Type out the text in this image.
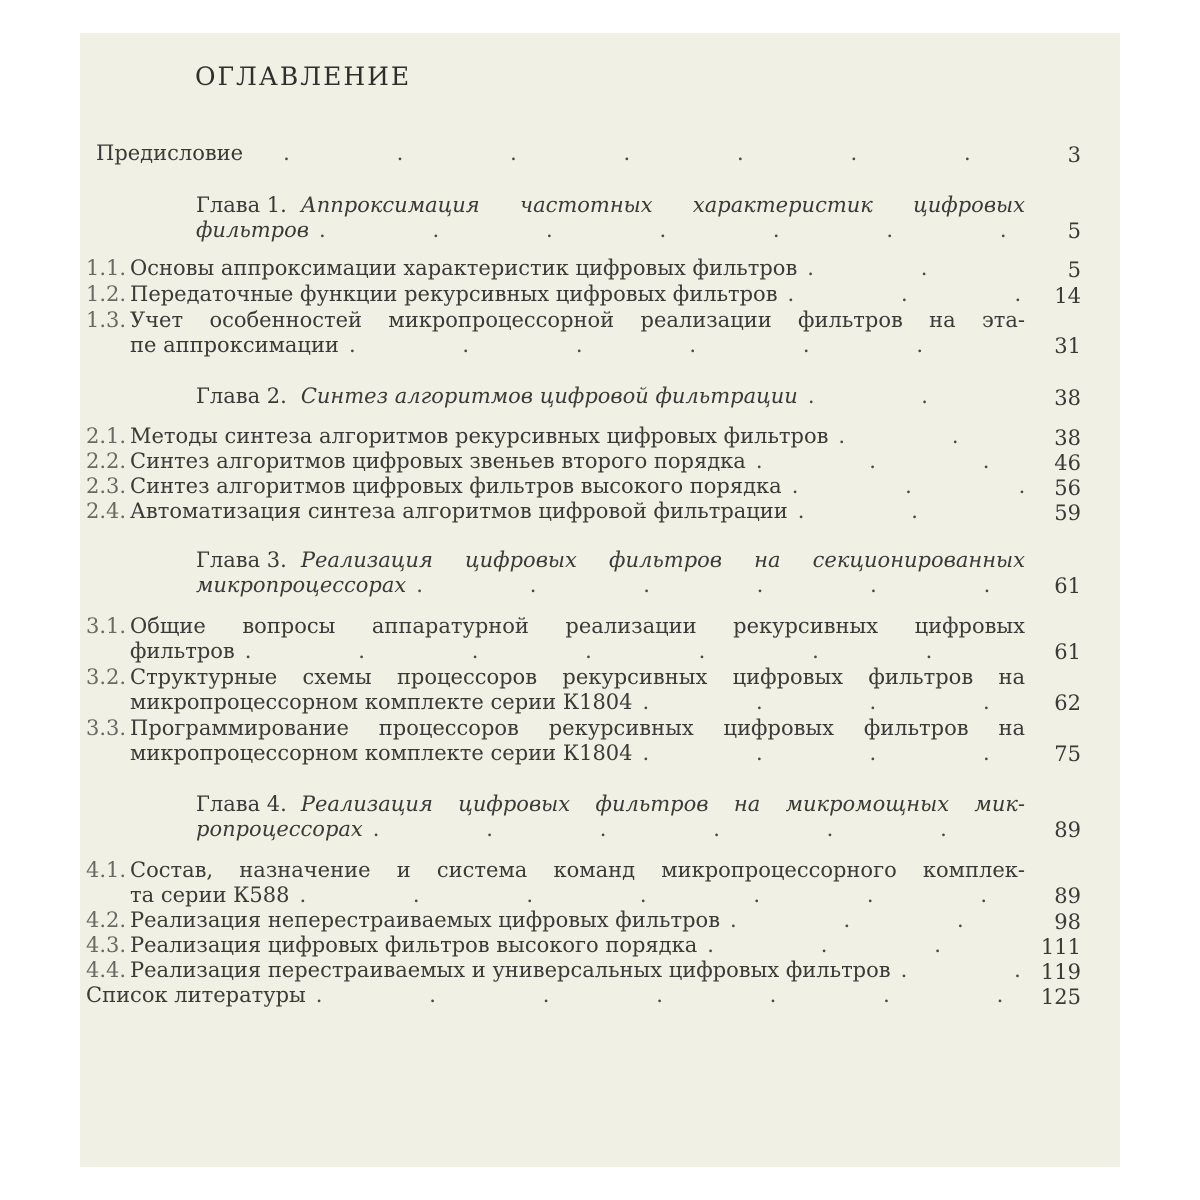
ОГЛАВЛЕНИЕ
Предисловие .	3
Глава 1. Аппроксимация частотных характеристик цифровых
фильтров .	5
1.1. Основы аппроксимации характеристик цифровых фильтров .	5
1.2. Передаточные функции рекурсивных цифровых фильтров .	14
1.3. Учет особенностей микропроцессорной реализации фильтров на эта-
пе аппроксимации .	31
Глава 2. Синтез алгоритмов цифровой фильтрации .	38
2.1. Методы синтеза алгоритмов рекурсивных цифровых фильтров .	38
2.2. Синтез алгоритмов цифровых звеньев второго порядка .	46
2.3. Синтез алгоритмов цифровых фильтров высокого порядка .	56
2.4. Автоматизация синтеза алгоритмов цифровой фильтрации .	59
Глава 3. Реализация цифровых фильтров на секционированных
микропроцессорах .	61
3.1. Общие вопросы аппаратурной реализации рекурсивных цифровых
фильтров .	61
3.2. Структурные схемы процессоров рекурсивных цифровых фильтров на
микропроцессорном комплекте серии К1804 .	62
3.3. Программирование процессоров рекурсивных цифровых фильтров на
микропроцессорном комплекте серии К1804 .	75
Глава 4. Реализация цифровых фильтров на микромощных мик-
ропроцессорах .	89
4.1. Состав, назначение и система команд микропроцессорного комплек-
та серии К588 .	89
4.2. Реализация неперестраиваемых цифровых фильтров .	98
4.3. Реализация цифровых фильтров высокого порядка .	111
4.4. Реализация перестраиваемых и универсальных цифровых фильтров .	119
Список литературы .	125
